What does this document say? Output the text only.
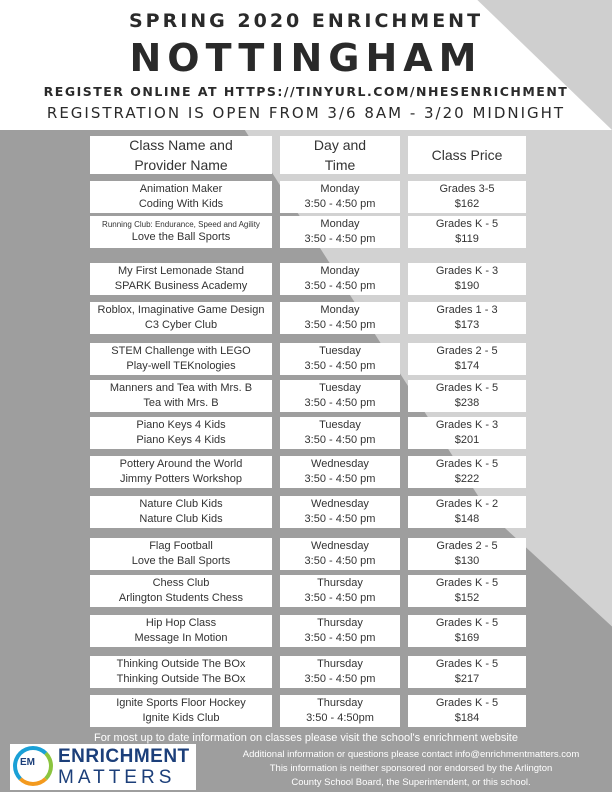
SPRING 2020 ENRICHMENT
NOTTINGHAM
REGISTER ONLINE AT HTTPS://TINYURL.COM/NHESENRICHMENT
REGISTRATION IS OPEN FROM 3/6 8AM - 3/20 MIDNIGHT
Class Name and
Provider Name
Day and
Time
Class Price
Animation Maker
Coding With Kids
Monday
3:50 - 4:50 pm
Grades 3-5
$162
Running Club: Endurance, Speed and Agility
Love the Ball Sports
Monday
3:50 - 4:50 pm
Grades K - 5
$119
My First Lemonade Stand
SPARK Business Academy
Monday
3:50 - 4:50 pm
Grades K - 3
$190
Roblox, Imaginative Game Design
C3 Cyber Club
Monday
3:50 - 4:50 pm
Grades 1 - 3
$173
STEM Challenge with LEGO
Play-well TEKnologies
Tuesday
3:50 - 4:50 pm
Grades 2 - 5
$174
Manners and Tea with Mrs. B
Tea with Mrs. B
Tuesday
3:50 - 4:50 pm
Grades K - 5
$238
Piano Keys 4 Kids
Piano Keys 4 Kids
Tuesday
3:50 - 4:50 pm
Grades K - 3
$201
Pottery Around the World
Jimmy Potters Workshop
Wednesday
3:50 - 4:50 pm
Grades K - 5
$222
Nature Club Kids
Nature Club Kids
Wednesday
3:50 - 4:50 pm
Grades K - 2
$148
Flag Football
Love the Ball Sports
Wednesday
3:50 - 4:50 pm
Grades 2 - 5
$130
Chess Club
Arlington Students Chess
Thursday
3:50 - 4:50 pm
Grades K - 5
$152
Hip Hop Class
Message In Motion
Thursday
3:50 - 4:50 pm
Grades K - 5
$169
Thinking Outside The BOx
Thinking Outside The BOx
Thursday
3:50 - 4:50 pm
Grades K - 5
$217
Ignite Sports Floor Hockey
Ignite Kids Club
Thursday
3:50 - 4:50pm
Grades K - 5
$184
For most up to date information on classes please visit the school's enrichment website
Additional information or questions please contact info@enrichmentmatters.com
This information is neither sponsored nor endorsed by the Arlington
County School Board, the Superintendent, or this school.
EM ENRICHMENT
MATTERS
